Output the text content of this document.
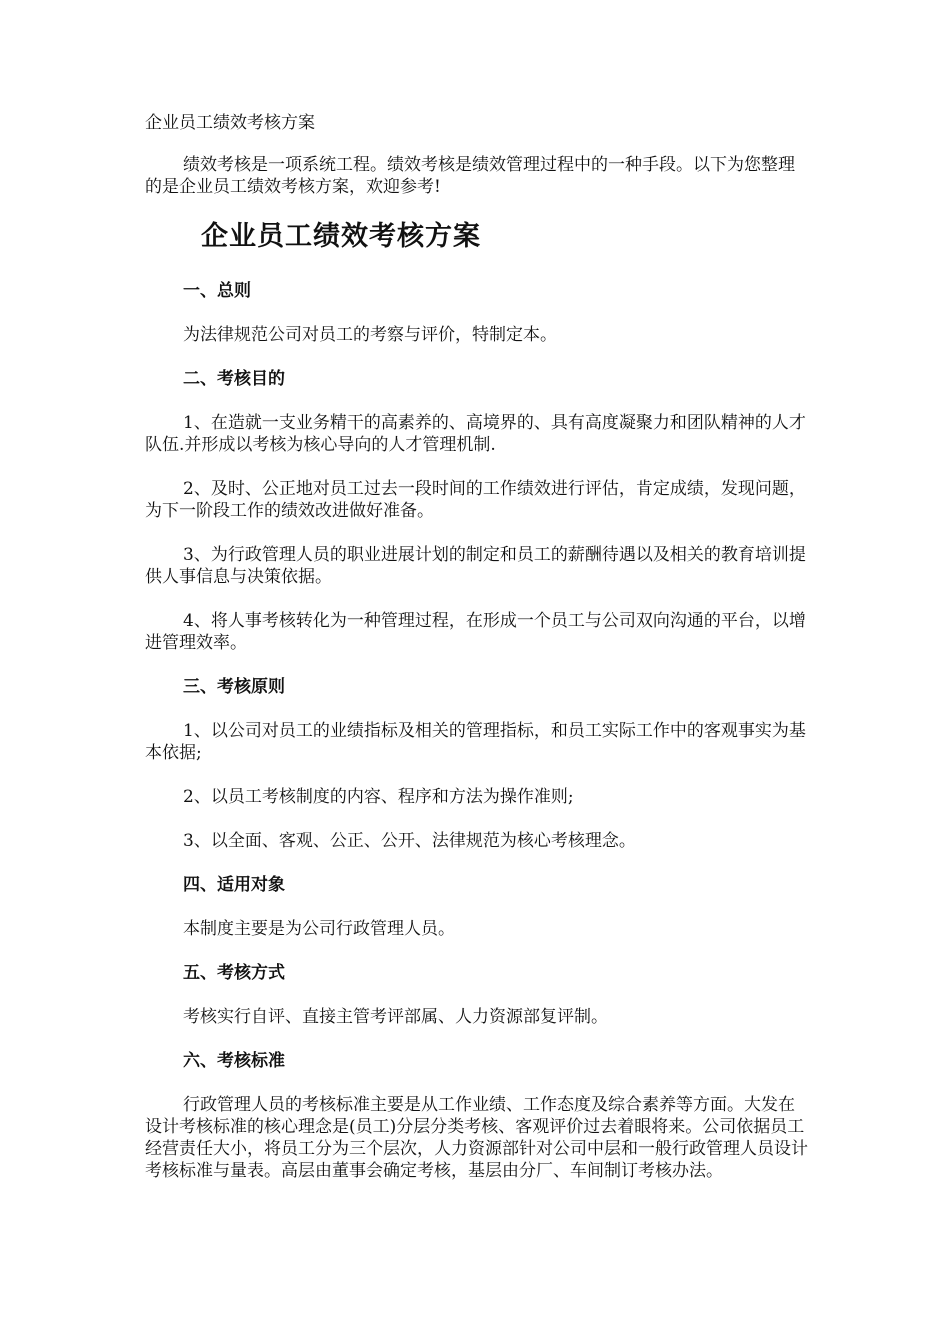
企业员工绩效考核方案

绩效考核是一项系统工程。绩效考核是绩效管理过程中的一种手段。以下为您整理的是企业员工绩效考核方案，欢迎参考!

企业员工绩效考核方案
一、总则

为法律规范公司对员工的考察与评价，特制定本。

二、考核目的

1、在造就一支业务精干的高素养的、高境界的、具有高度凝聚力和团队精神的人才队伍.并形成以考核为核心导向的人才管理机制.

2、及时、公正地对员工过去一段时间的工作绩效进行评估，肯定成绩，发现问题，为下一阶段工作的绩效改进做好准备。

3、为行政管理人员的职业进展计划的制定和员工的薪酬待遇以及相关的教育培训提供人事信息与决策依据。

4、将人事考核转化为一种管理过程，在形成一个员工与公司双向沟通的平台，以增进管理效率。

三、考核原则

1、以公司对员工的业绩指标及相关的管理指标，和员工实际工作中的客观事实为基本依据;

2、以员工考核制度的内容、程序和方法为操作准则;

3、以全面、客观、公正、公开、法律规范为核心考核理念。

四、适用对象

本制度主要是为公司行政管理人员。

五、考核方式

考核实行自评、直接主管考评部属、人力资源部复评制。

六、考核标准

行政管理人员的考核标准主要是从工作业绩、工作态度及综合素养等方面。大发在设计考核标准的核心理念是(员工)分层分类考核、客观评价过去着眼将来。公司依据员工经营责任大小，将员工分为三个层次，人力资源部针对公司中层和一般行政管理人员设计考核标准与量表。高层由董事会确定考核，基层由分厂、车间制订考核办法。
